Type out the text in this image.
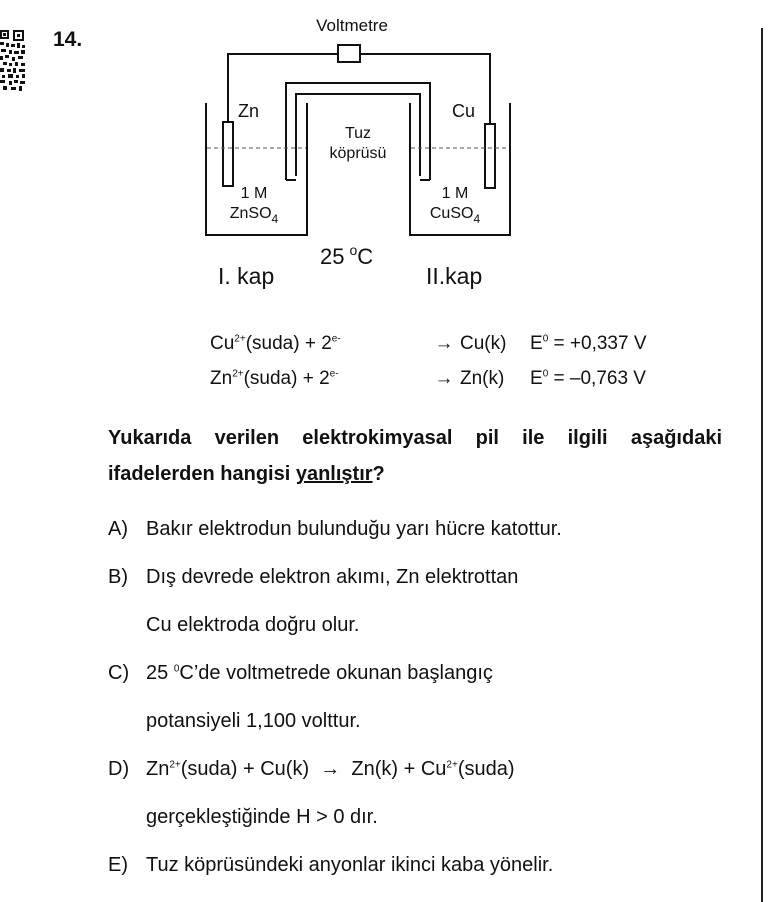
14.
Voltmetre
Zn	Cu
Tuz
köprüsü
1 M
ZnSO$_4$
1 M
CuSO$_4$
25 $^o$C
I. kap	II.kap
$Cu^{2+}(suda) + 2^{e-}$	→ Cu(k)	$E^0 = +0,337$ V
$Zn^{2+}(suda) + 2^{e-}$	→ Zn(k)	$E^0 = -0,763$ V
Yukarıda verilen elektrokimyasal pil ile ilgili aşağıdaki ifadelerden hangisi yanlıştır?
A) Bakır elektrodun bulunduğu yarı hücre katottur.
B) Dış devrede elektron akımı, Zn elektrottan
Cu elektroda doğru olur.
C) 25 $^0$C’de voltmetrede okunan başlangıç
potansiyeli 1,100 volttur.
D) $Zn^{2+}(suda) + Cu(k) \to Zn(k)$ + $Cu^{2+}(suda)$
gerçekleştiğinde H > 0 dır.
E) Tuz köprüsündeki anyonlar ikinci kaba yönelir.
